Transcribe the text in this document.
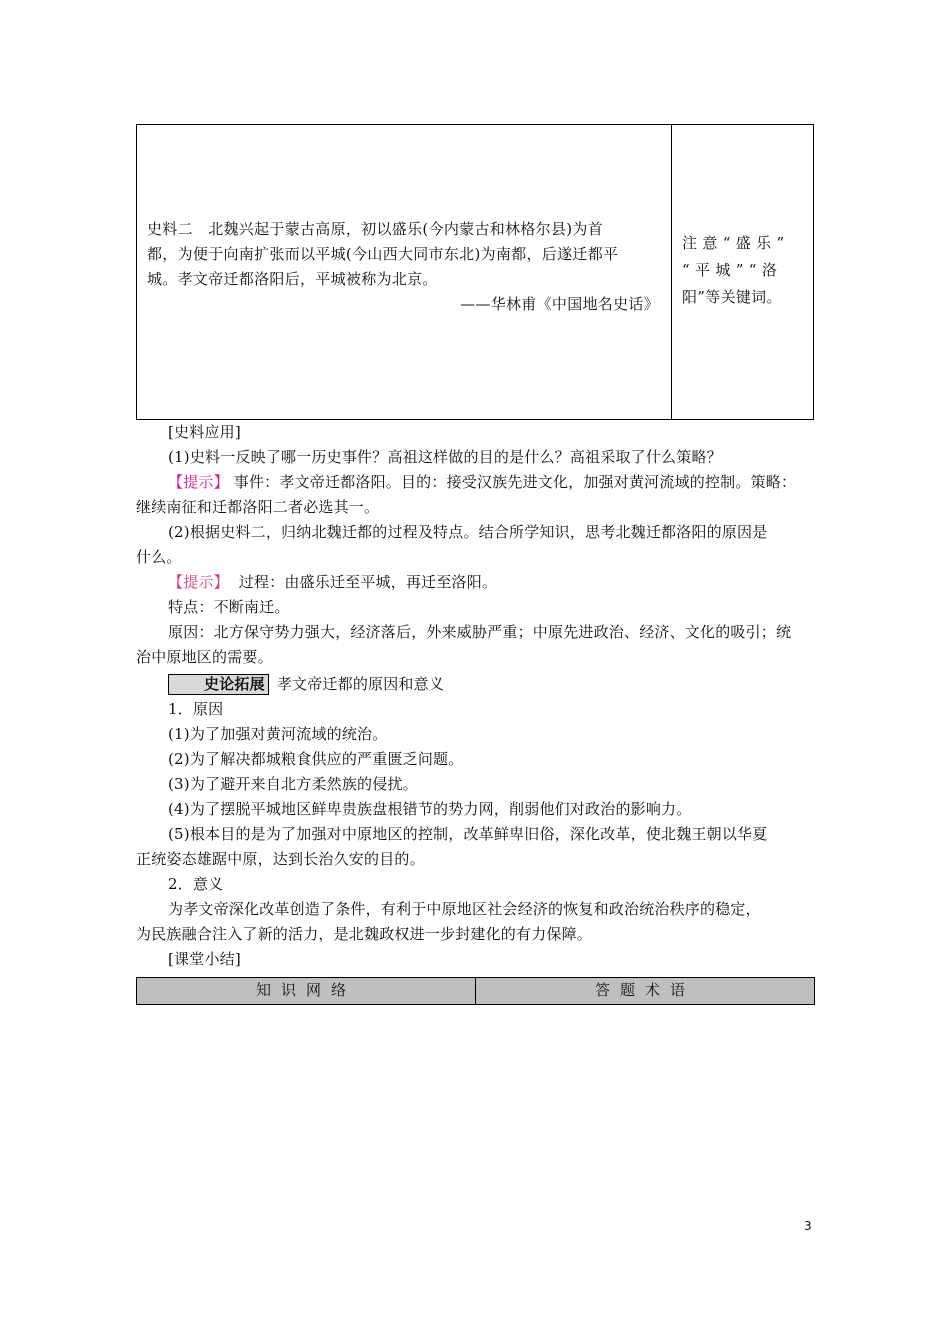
史料二　北魏兴起于蒙古高原，初以盛乐(今内蒙古和林格尔县)为首
都，为便于向南扩张而以平城(今山西大同市东北)为南都，后遂迁都平
城。孝文帝迁都洛阳后，平城被称为北京。
——华林甫《中国地名史话》
注 意 “ 盛 乐 ”
“ 平 城 ” “ 洛
阳”等关键词。

[史料应用]

(1)史料一反映了哪一历史事件？高祖这样做的目的是什么？高祖采取了什么策略？

【提示】 事件：孝文帝迁都洛阳。目的：接受汉族先进文化，加强对黄河流域的控制。策略：

继续南征和迁都洛阳二者必选其一。

(2)根据史料二，归纳北魏迁都的过程及特点。结合所学知识，思考北魏迁都洛阳的原因是

什么。

【提示】 过程：由盛乐迁至平城，再迁至洛阳。

特点：不断南迁。

原因：北方保守势力强大，经济落后，外来威胁严重；中原先进政治、经济、文化的吸引；统

治中原地区的需要。

史论拓展 孝文帝迁都的原因和意义

1．原因

(1)为了加强对黄河流域的统治。

(2)为了解决都城粮食供应的严重匮乏问题。

(3)为了避开来自北方柔然族的侵扰。

(4)为了摆脱平城地区鲜卑贵族盘根错节的势力网，削弱他们对政治的影响力。

(5)根本目的是为了加强对中原地区的控制，改革鲜卑旧俗，深化改革，使北魏王朝以华夏

正统姿态雄踞中原，达到长治久安的目的。

2．意义

为孝文帝深化改革创造了条件，有利于中原地区社会经济的恢复和政治统治秩序的稳定，

为民族融合注入了新的活力，是北魏政权进一步封建化的有力保障。

[课堂小结]

知识网络	答题术语
3
